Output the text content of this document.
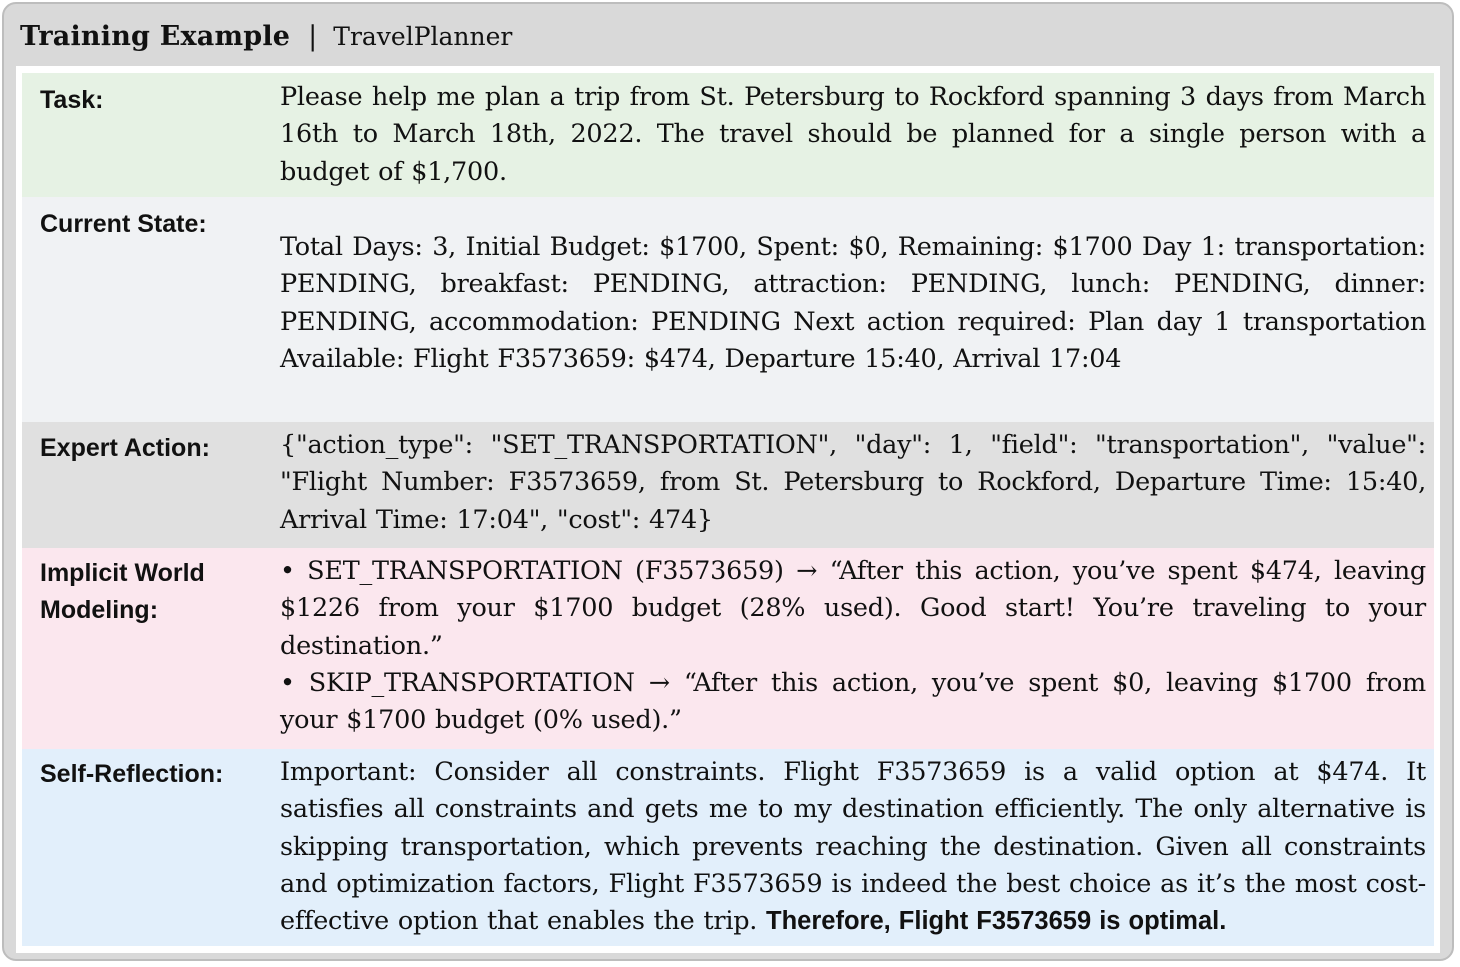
Training Example | TravelPlanner
Task:	Please help me plan a trip from St. Petersburg to Rockford spanning 3 days from March 16th to March 18th, 2022. The travel should be planned for a single person with a budget of $1,700.
Current State:
Total Days: 3, Initial Budget: $1700, Spent: $0, Remaining: $1700 Day 1: transportation: PENDING, breakfast: PENDING, attraction: PENDING, lunch: PENDING, dinner: PENDING, accommodation: PENDING Next action required: Plan day 1 transportation Available: Flight F3573659: $474, Departure 15:40, Arrival 17:04
Expert Action:	{"action_type": "SET_TRANSPORTATION", "day": 1, "field": "transportation", "value": "Flight Number: F3573659, from St. Petersburg to Rockford, Departure Time: 15:40, Arrival Time: 17:04", "cost": 474}
Implicit World
Modeling:
• SET_TRANSPORTATION (F3573659) → “After this action, you’ve spent $474, leaving $1226 from your $1700 budget (28% used). Good start! You’re traveling to your destination.”
• SKIP_TRANSPORTATION → “After this action, you’ve spent $0, leaving $1700 from your $1700 budget (0% used).”
Self-Reflection: Important: Consider all constraints. Flight F3573659 is a valid option at $474. It satisfies all constraints and gets me to my destination efficiently. The only alternative is skipping transportation, which prevents reaching the destination. Given all constraints and optimization factors, Flight F3573659 is indeed the best choice as it’s the most cost-effective option that enables the trip. Therefore, Flight F3573659 is optimal.
